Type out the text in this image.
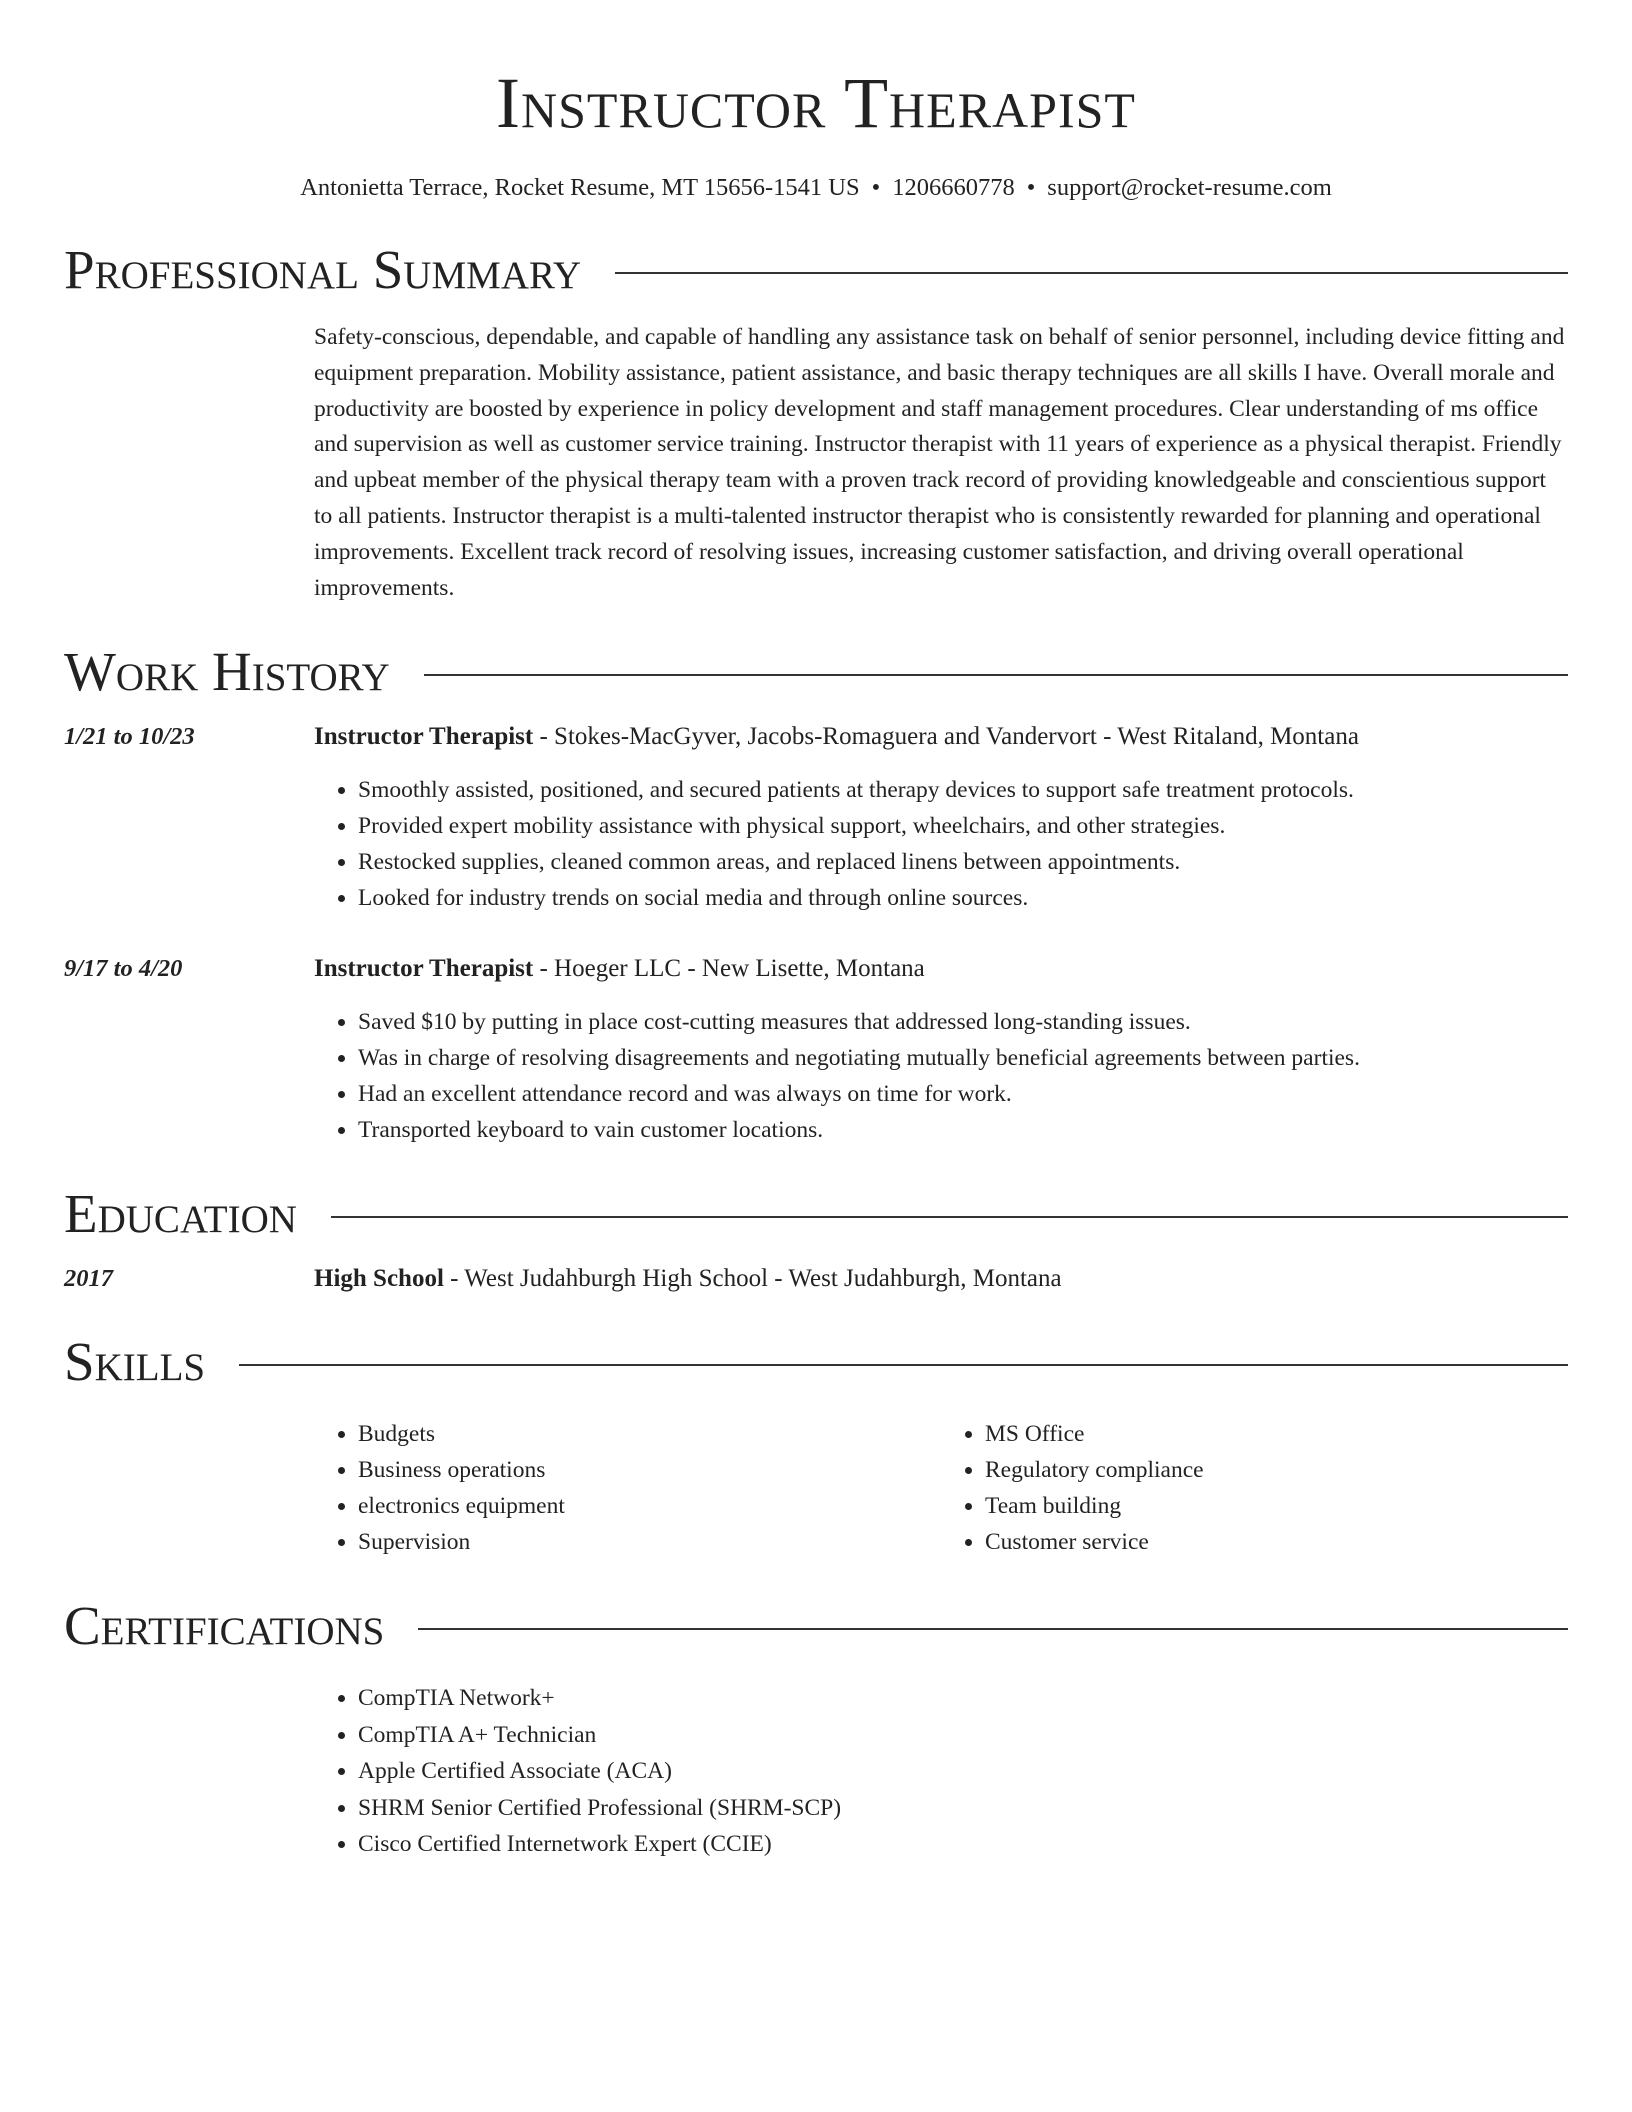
Instructor Therapist
Antonietta Terrace, Rocket Resume, MT 15656-1541 US • 1206660778 • support@rocket-resume.com
Professional Summary
Safety-conscious, dependable, and capable of handling any assistance task on behalf of senior personnel, including device fitting and equipment preparation. Mobility assistance, patient assistance, and basic therapy techniques are all skills I have. Overall morale and productivity are boosted by experience in policy development and staff management procedures. Clear understanding of ms office and supervision as well as customer service training. Instructor therapist with 11 years of experience as a physical therapist. Friendly and upbeat member of the physical therapy team with a proven track record of providing knowledgeable and conscientious support to all patients. Instructor therapist is a multi-talented instructor therapist who is consistently rewarded for planning and operational improvements. Excellent track record of resolving issues, increasing customer satisfaction, and driving overall operational improvements.
Work History
1/21 to 10/23	Instructor Therapist - Stokes-MacGyver, Jacobs-Romaguera and Vandervort - West Ritaland, Montana
• Smoothly assisted, positioned, and secured patients at therapy devices to support safe treatment protocols.
• Provided expert mobility assistance with physical support, wheelchairs, and other strategies.
• Restocked supplies, cleaned common areas, and replaced linens between appointments.
• Looked for industry trends on social media and through online sources.
9/17 to 4/20	Instructor Therapist - Hoeger LLC - New Lisette, Montana
• Saved $10 by putting in place cost-cutting measures that addressed long-standing issues.
• Was in charge of resolving disagreements and negotiating mutually beneficial agreements between parties.
• Had an excellent attendance record and was always on time for work.
• Transported keyboard to vain customer locations.
Education
2017	High School - West Judahburgh High School - West Judahburgh, Montana
Skills
• Budgets
• Business operations
• electronics equipment
• Supervision
• MS Office
• Regulatory compliance
• Team building
• Customer service
Certifications
• CompTIA Network+
• CompTIA A+ Technician
• Apple Certified Associate (ACA)
• SHRM Senior Certified Professional (SHRM-SCP)
• Cisco Certified Internetwork Expert (CCIE)
